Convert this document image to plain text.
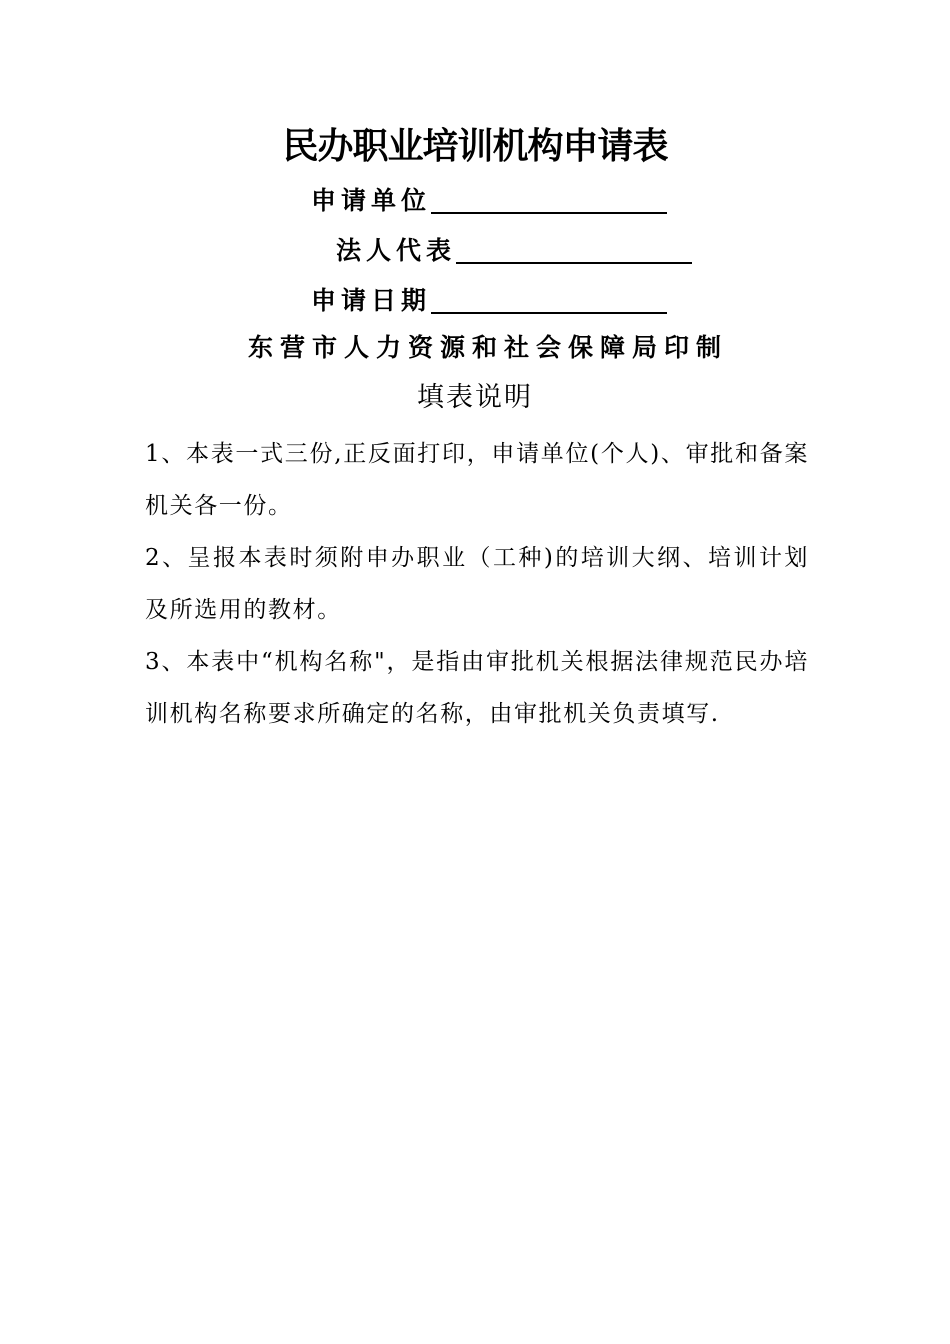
民办职业培训机构申请表
申请单位
法人代表
申请日期
东营市人力资源和社会保障局印制
填表说明

1、本表一式三份,正反面打印，申请单位(个人)、审批和备案机关各一份。

2、呈报本表时须附申办职业（工种)的培训大纲、培训计划及所选用的教材。

3、本表中“机构名称"，是指由审批机关根据法律规范民办培训机构名称要求所确定的名称，由审批机关负责填写.
